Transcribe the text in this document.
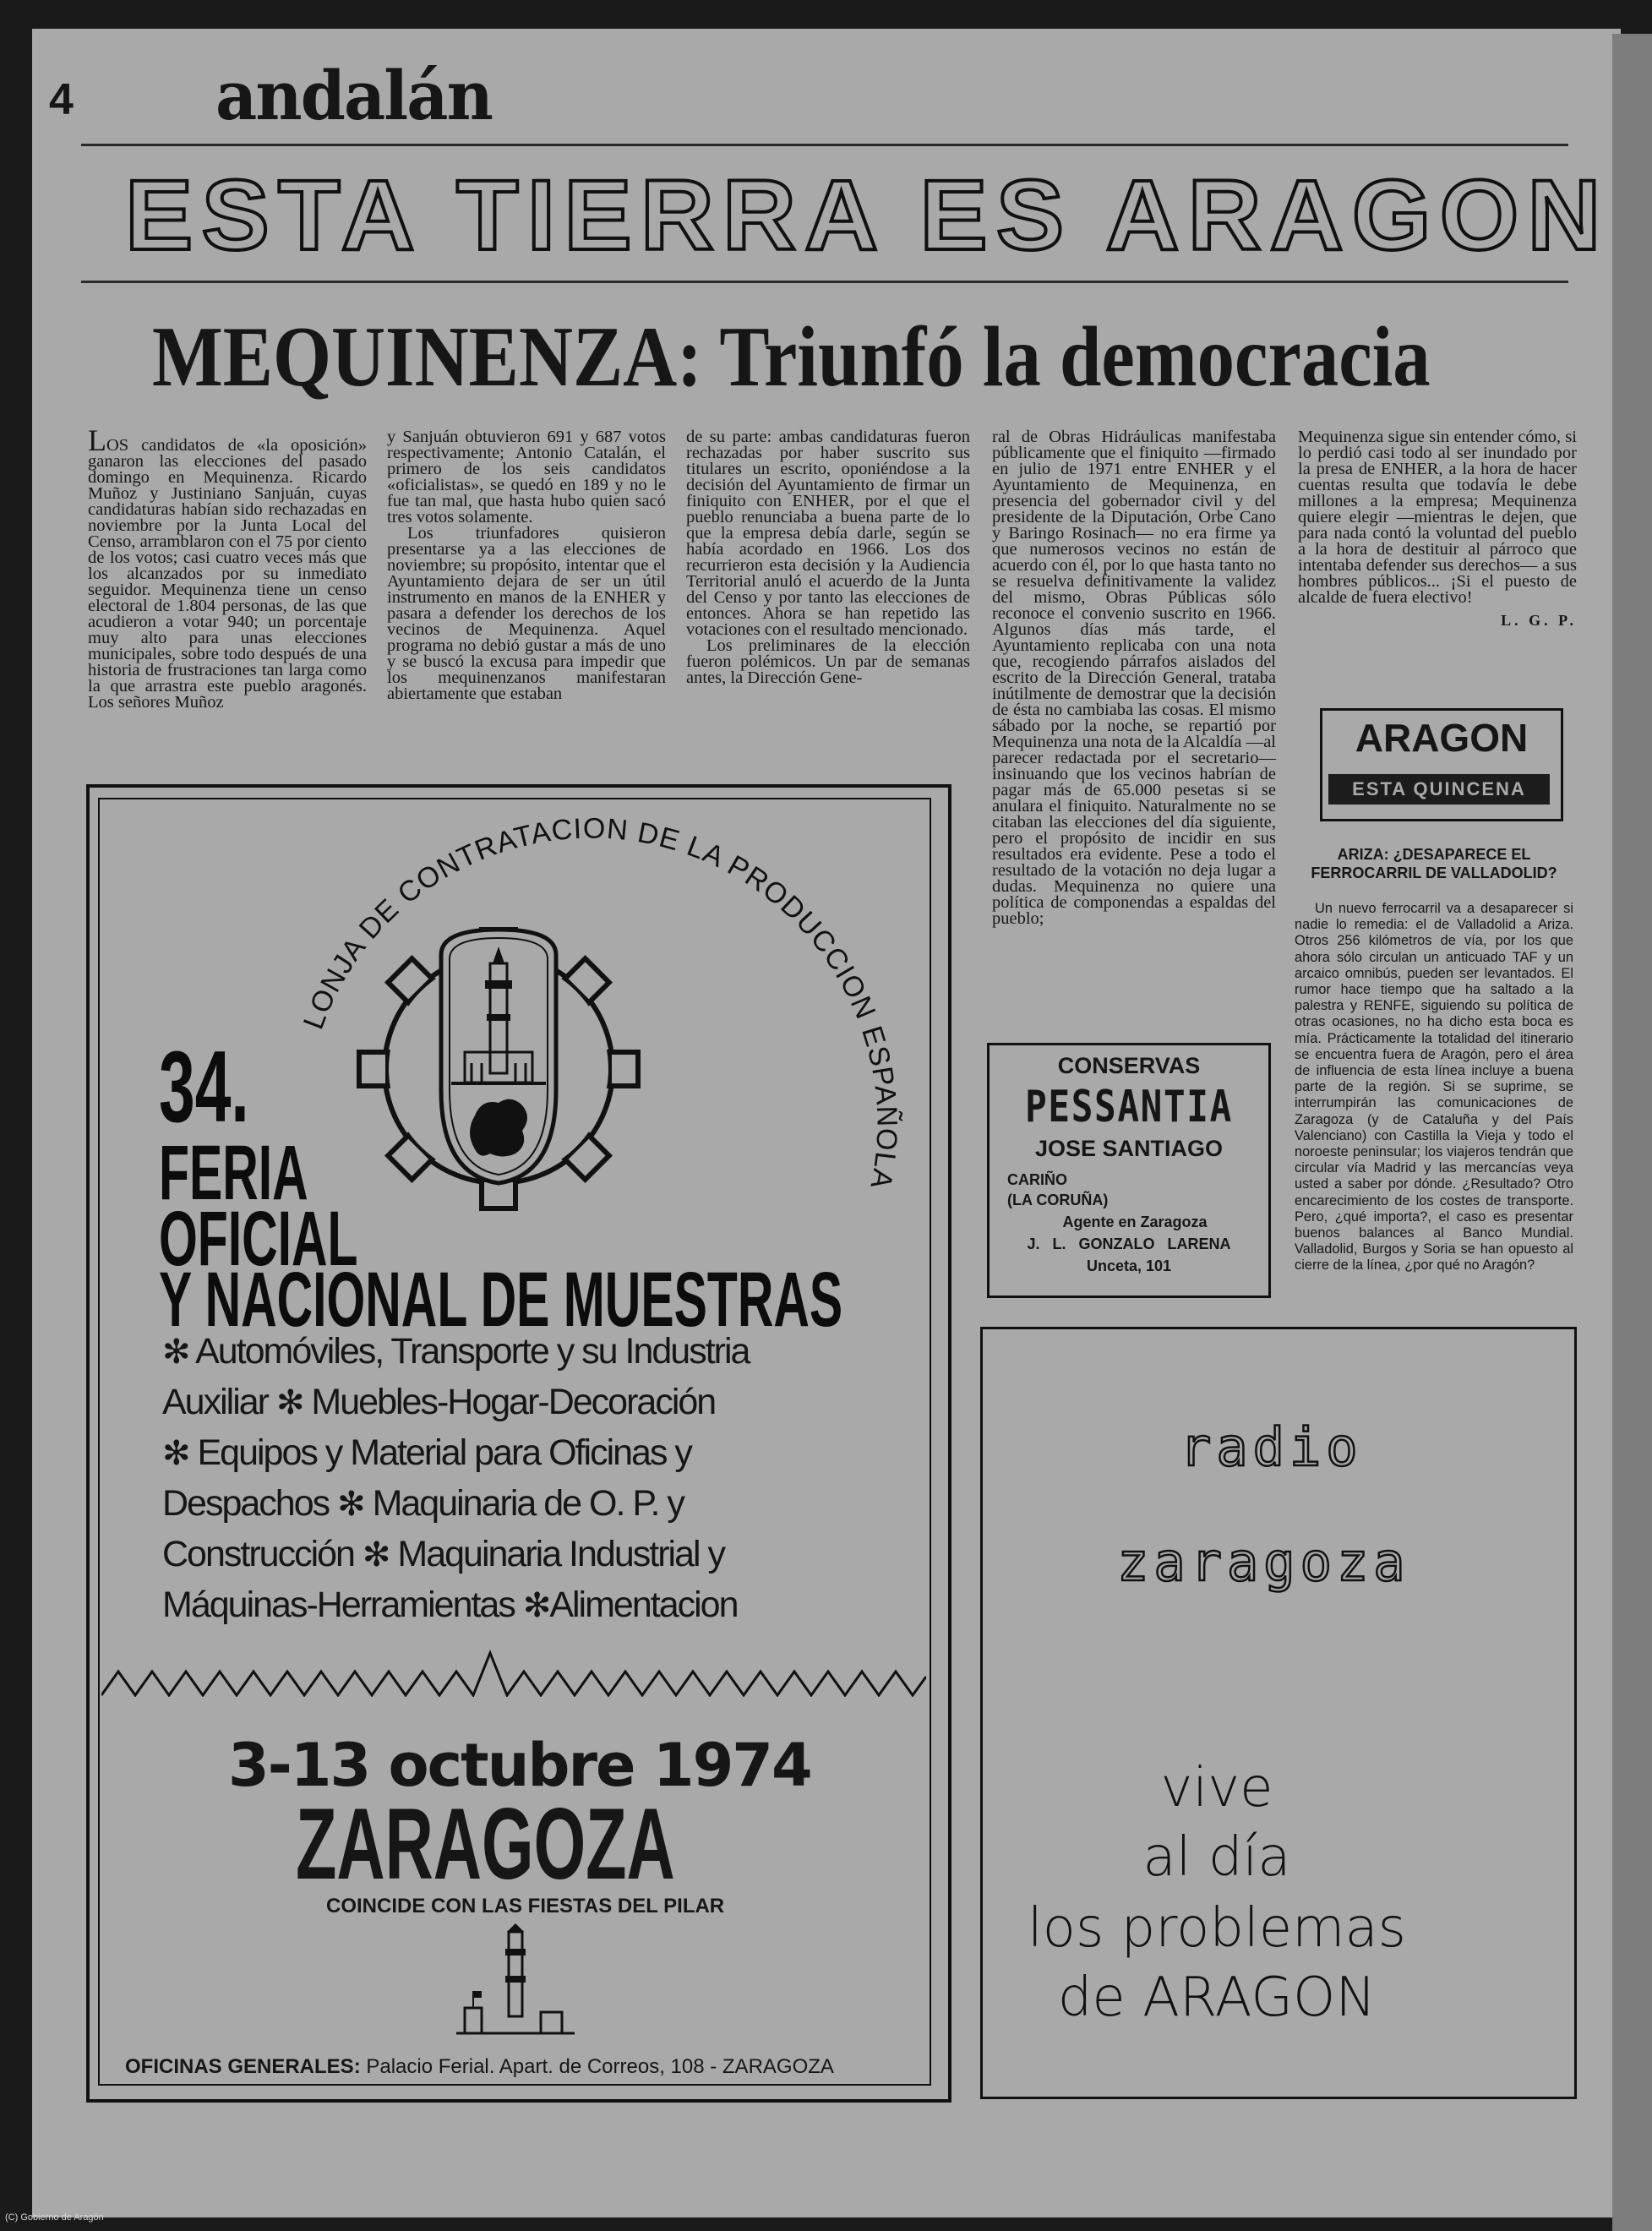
4 andalán
ESTA TIERRA ES ARAGON
MEQUINENZA: Triunfó la democracia

LOS candidatos de «la oposición» ganaron las elecciones del pasado domingo en Mequinenza. Ricardo Muñoz y Justiniano Sanjuán, cuyas candidaturas habían sido rechazadas en noviembre por la Junta Local del Censo, arramblaron con el 75 por ciento de los votos; casi cuatro veces más que los alcanzados por su inmediato seguidor. Mequinenza tiene un censo electoral de 1.804 personas, de las que acudieron a votar 940; un porcentaje muy alto para unas elecciones municipales, sobre todo después de una historia de frustraciones tan larga como la que arrastra este pueblo aragonés. Los señores Muñoz

y Sanjuán obtuvieron 691 y 687 votos respectivamente; Antonio Catalán, el primero de los seis candidatos «oficialistas», se quedó en 189 y no le fue tan mal, que hasta hubo quien sacó tres votos solamente.

Los triunfadores quisieron presentarse ya a las elecciones de noviembre; su propósito, intentar que el Ayuntamiento dejara de ser un útil instrumento en manos de la ENHER y pasara a defender los derechos de los vecinos de Mequinenza. Aquel programa no debió gustar a más de uno y se buscó la excusa para impedir que los mequinenzanos manifestaran abiertamente que estaban

de su parte: ambas candidaturas fueron rechazadas por haber suscrito sus titulares un escrito, oponiéndose a la decisión del Ayuntamiento de firmar un finiquito con ENHER, por el que el pueblo renunciaba a buena parte de lo que la empresa debía darle, según se había acordado en 1966. Los dos recurrieron esta decisión y la Audiencia Territorial anuló el acuerdo de la Junta del Censo y por tanto las elecciones de entonces. Ahora se han repetido las votaciones con el resultado mencionado.

Los preliminares de la elección fueron polémicos. Un par de semanas antes, la Dirección Gene-

ral de Obras Hidráulicas manifestaba públicamente que el finiquito —firmado en julio de 1971 entre ENHER y el Ayuntamiento de Mequinenza, en presencia del gobernador civil y del presidente de la Diputación, Orbe Cano y Baringo Rosinach— no era firme ya que numerosos vecinos no están de acuerdo con él, por lo que hasta tanto no se resuelva definitivamente la validez del mismo, Obras Públicas sólo reconoce el convenio suscrito en 1966. Algunos días más tarde, el Ayuntamiento replicaba con una nota que, recogiendo párrafos aislados del escrito de la Dirección General, trataba inútilmente de demostrar que la decisión de ésta no cambiaba las cosas. El mismo sábado por la noche, se repartió por Mequinenza una nota de la Alcaldía —al parecer redactada por el secretario— insinuando que los vecinos habrían de pagar más de 65.000 pesetas si se anulara el finiquito. Naturalmente no se citaban las elecciones del día siguiente, pero el propósito de incidir en sus resultados era evidente. Pese a todo el resultado de la votación no deja lugar a dudas. Mequinenza no quiere una política de componendas a espaldas del pueblo;

Mequinenza sigue sin entender cómo, si lo perdió casi todo al ser inundado por la presa de ENHER, a la hora de hacer cuentas resulta que todavía le debe millones a la empresa; Mequinenza quiere elegir —mientras le dejen, que para nada contó la voluntad del pueblo a la hora de destituir al párroco que intentaba defender sus derechos— a sus hombres públicos... ¡Si el puesto de alcalde de fuera electivo!

L. G. P.

LONJA DE CONTRATACION DE LA PRODUCCION ESPAÑOLA
34.
FERIA
OFICIAL
Y NACIONAL DE MUESTRAS
✻ Automóviles, Transporte y su Industria
Auxiliar ✻ Muebles-Hogar-Decoración
✻ Equipos y Material para Oficinas y
Despachos ✻ Maquinaria de O. P. y
Construcción ✻ Maquinaria Industrial y
Máquinas-Herramientas ✻Alimentacion
3-13 octubre 1974
ZARAGOZA
COINCIDE CON LAS FIESTAS DEL PILAR
OFICINAS GENERALES: Palacio Ferial. Apart. de Correos, 108 - ZARAGOZA
ARAGON
ESTA QUINCENA
ARIZA: ¿DESAPARECE EL FERROCARRIL DE VALLADOLID?

Un nuevo ferrocarril va a desaparecer si nadie lo remedia: el de Valladolid a Ariza. Otros 256 kilómetros de vía, por los que ahora sólo circulan un anticuado TAF y un arcaico omnibús, pueden ser levantados. El rumor hace tiempo que ha saltado a la palestra y RENFE, siguiendo su política de otras ocasiones, no ha dicho esta boca es mía. Prácticamente la totalidad del itinerario se encuentra fuera de Aragón, pero el área de influencia de esta línea incluye a buena parte de la región. Si se suprime, se interrumpirán las comunicaciones de Zaragoza (y de Cataluña y del País Valenciano) con Castilla la Vieja y todo el noroeste peninsular; los viajeros tendrán que circular vía Madrid y las mercancías veya usted a saber por dónde. ¿Resultado? Otro encarecimiento de los costes de transporte. Pero, ¿qué importa?, el caso es presentar buenos balances al Banco Mundial. Valladolid, Burgos y Soria se han opuesto al cierre de la línea, ¿por qué no Aragón?

CONSERVAS
PESSANTIA
JOSE SANTIAGO
CARIÑO
(LA CORUÑA)
Agente en Zaragoza
J.   L.   GONZALO   LARENA
Unceta, 101
radio
zaragoza
vive
al día
los problemas
de ARAGON
(C) Gobierno de Aragón
